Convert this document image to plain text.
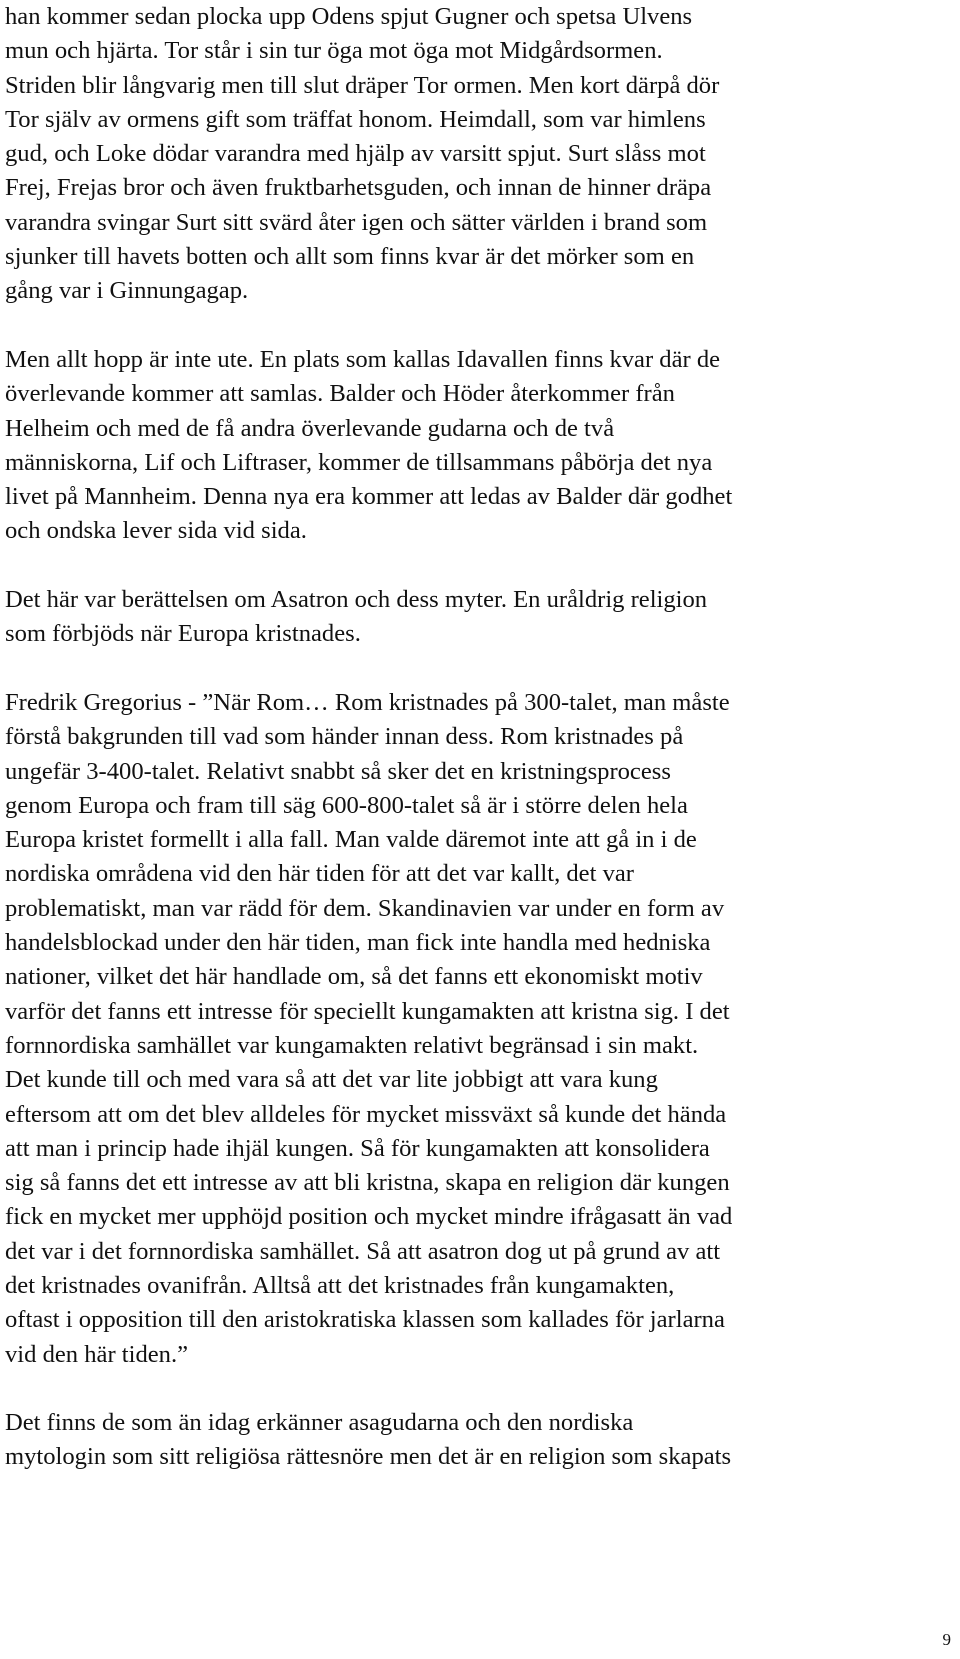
han kommer sedan plocka upp Odens spjut Gugner och spetsa Ulvens
mun och hjärta. Tor står i sin tur öga mot öga mot Midgårdsormen.
Striden blir långvarig men till slut dräper Tor ormen. Men kort därpå dör
Tor själv av ormens gift som träffat honom. Heimdall, som var himlens
gud, och Loke dödar varandra med hjälp av varsitt spjut. Surt slåss mot
Frej, Frejas bror och även fruktbarhetsguden, och innan de hinner dräpa
varandra svingar Surt sitt svärd åter igen och sätter världen i brand som
sjunker till havets botten och allt som finns kvar är det mörker som en
gång var i Ginnungagap.

Men allt hopp är inte ute. En plats som kallas Idavallen finns kvar där de
överlevande kommer att samlas. Balder och Höder återkommer från
Helheim och med de få andra överlevande gudarna och de två
människorna, Lif och Liftraser, kommer de tillsammans påbörja det nya
livet på Mannheim. Denna nya era kommer att ledas av Balder där godhet
och ondska lever sida vid sida.

Det här var berättelsen om Asatron och dess myter. En uråldrig religion
som förbjöds när Europa kristnades.

Fredrik Gregorius - ”När Rom… Rom kristnades på 300-talet, man måste
förstå bakgrunden till vad som händer innan dess. Rom kristnades på
ungefär 3-400-talet. Relativt snabbt så sker det en kristningsprocess
genom Europa och fram till säg 600-800-talet så är i större delen hela
Europa kristet formellt i alla fall. Man valde däremot inte att gå in i de
nordiska områdena vid den här tiden för att det var kallt, det var
problematiskt, man var rädd för dem. Skandinavien var under en form av
handelsblockad under den här tiden, man fick inte handla med hedniska
nationer, vilket det här handlade om, så det fanns ett ekonomiskt motiv
varför det fanns ett intresse för speciellt kungamakten att kristna sig. I det
fornnordiska samhället var kungamakten relativt begränsad i sin makt.
Det kunde till och med vara så att det var lite jobbigt att vara kung
eftersom att om det blev alldeles för mycket missväxt så kunde det hända
att man i princip hade ihjäl kungen. Så för kungamakten att konsolidera
sig så fanns det ett intresse av att bli kristna, skapa en religion där kungen
fick en mycket mer upphöjd position och mycket mindre ifrågasatt än vad
det var i det fornnordiska samhället. Så att asatron dog ut på grund av att
det kristnades ovanifrån. Alltså att det kristnades från kungamakten,
oftast i opposition till den aristokratiska klassen som kallades för jarlarna
vid den här tiden.”

Det finns de som än idag erkänner asagudarna och den nordiska
mytologin som sitt religiösa rättesnöre men det är en religion som skapats

9
